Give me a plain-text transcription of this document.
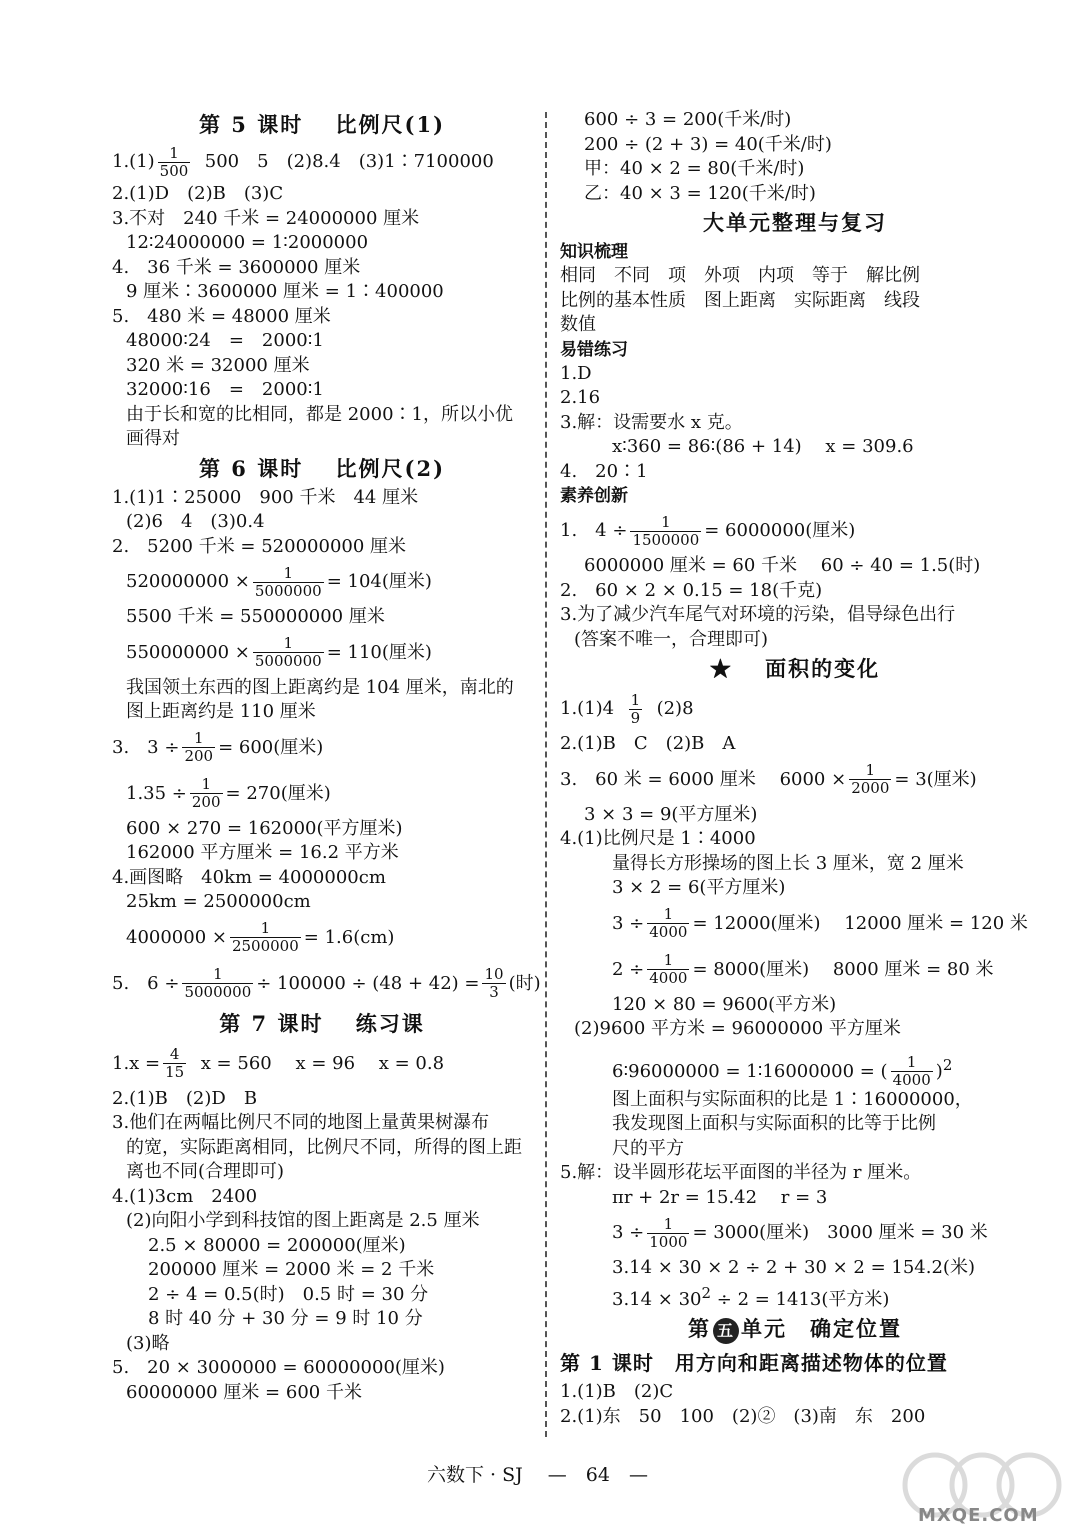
第 5 课时　 比例尺(1)
$1.(1) \frac{1}{500} 500$　5　(2)8.4　(3)1∶7100000
2.(1)D　(2)B　(3)C
3.不对　240 千米 = 24000000 厘米
12∶24000000 = 1∶2000000
4.　36 千米 = 3600000 厘米
9 厘米∶3600000 厘米 = 1∶400000
5.　480 米 = 48000 厘米
48000∶24　=　2000∶1
320 米 = 32000 厘米
32000∶16　=　2000∶1
由于长和宽的比相同，都是 2000∶1，所以小优
画得对
第 6 课时　 比例尺(2)
1.(1)1∶25000　900 千米　44 厘米
(2)6　4　(3)0.4
2.　5200 千米 = 520000000 厘米
$520000000 \times \frac{1}{5000000} = 104$(厘米)
5500 千米 = 550000000 厘米
$550000000 \times \frac{1}{5000000} = 110$(厘米)
我国领土东西的图上距离约是 104 厘米，南北的
图上距离约是 110 厘米
3.　$3 \div \frac{1}{200} = 600$(厘米)
$1.35 \div \frac{1}{200} = 270$(厘米)
600 × 270 = 162000(平方厘米)
162000 平方厘米 = 16.2 平方米
4.画图略　40km = 4000000cm
25km = 2500000cm
$4000000 \times \frac{1}{2500000} = 1.6(cm)$
5.　$6 \div \frac{1}{5000000} \div 100000 \div (48 + 42) = \frac{10}{3}$ (时)
第 7 课时　 练习课
$1.x = \frac{4}{15}$ x = 560　 x = 96　 x = 0.8
2.(1)B　(2)D　B
3.他们在两幅比例尺不同的地图上量黄果树瀑布
的宽，实际距离相同，比例尺不同，所得的图上距
离也不同(合理即可)
4.(1)3cm　2400
(2)向阳小学到科技馆的图上距离是 2.5 厘米
2.5 × 80000 = 200000(厘米)
200000 厘米 = 2000 米 = 2 千米
2 ÷ 4 = 0.5(时)　0.5 时 = 30 分
8 时 40 分 + 30 分 = 9 时 10 分
(3)略
5.　20 × 3000000 = 60000000(厘米)
60000000 厘米 = 600 千米
600 ÷ 3 = 200(千米/时)
200 ÷ (2 + 3) = 40(千米/时)
甲：40 × 2 = 80(千米/时)
乙：40 × 3 = 120(千米/时)
大单元整理与复习
知识梳理
相同　不同　项　外项　内项　等于　解比例
比例的基本性质　图上距离　实际距离　线段
数值
易错练习
1.D
2.16
3.解：设需要水 x 克。
x∶360 = 86∶(86 + 14)　 x = 309.6
4.　20∶1
素养创新
1.　$4 \div \frac{1}{1500000} = 6000000$(厘米)
6000000 厘米 = 60 千米　 60 ÷ 40 = 1.5(时)
2.　60 × 2 × 0.15 = 18(千克)
3.为了减少汽车尾气对环境的污染，倡导绿色出行
(答案不唯一，合理即可)
★　 面积的变化
$1.(1)4 \frac{1}{9} (2)8$
2.(1)B　C　(2)B　A
3.　60 米 = 6000 厘米　 $6000 \times \frac{1}{2000} = 3$(厘米)
3 × 3 = 9(平方厘米)
4.(1)比例尺是 1∶4000
量得长方形操场的图上长 3 厘米，宽 2 厘米
3 × 2 = 6(平方厘米)
$3 \div \frac{1}{4000} = 12000$(厘米)　 12000 厘米 = 120 米
$2 \div \frac{1}{4000} = 8000$(厘米)　 8000 厘米 = 80 米
120 × 80 = 9600(平方米)
(2)9600 平方米 = 96000000 平方厘米
6∶96000000 = 1∶16000000 = ( $\frac{1}{4000} )^2$
图上面积与实际面积的比是 1∶16000000，
我发现图上面积与实际面积的比等于比例
尺的平方
5.解：设半圆形花坛平面图的半径为 r 厘米。
πr + 2r = 15.42　 r = 3
$3 \div \frac{1}{1000} = 3000$(厘米)　3000 厘米 = 30 米
3.14 × 30 × 2 ÷ 2 + 30 × 2 = 154.2(米)
$3.14 \times 30^2 \div 2 = 1413$(平方米)
第 五 单元　确定位置
第 1 课时　用方向和距离描述物体的位置
1.(1)B　(2)C
2.(1)东　50　100　(2)②　(3)南　东　200
六数下 · SJ　 —　64　—
MXQE.COM
